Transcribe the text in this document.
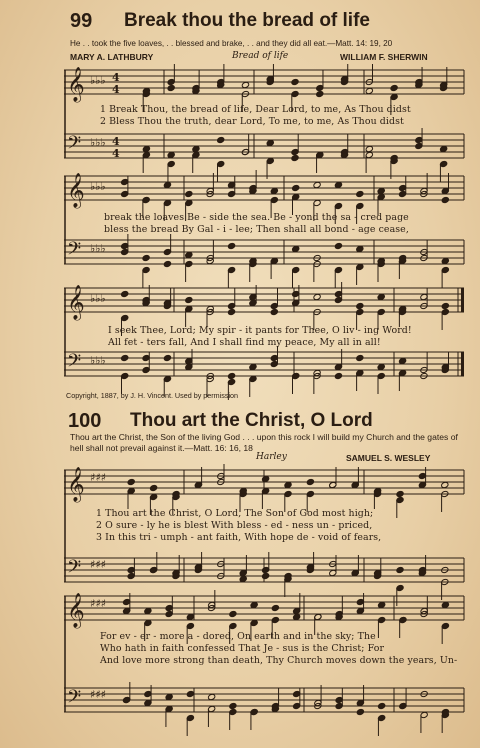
99 Break thou the bread of life
He . . took the five loaves, . . blessed and brake, . . and they did all eat.—Matt. 14: 19, 20
MARY A. LATHBURY	Bread of life	WILLIAM F. SHERWIN
𝄞
𝄢
♭♭♭
♭♭♭
4
4
4
4
1 Break Thou, the bread of life, Dear Lord, to me, As Thou didst
2 Bless Thou the truth, dear Lord, To me, to me, As Thou didst
𝄞
𝄢
♭♭♭
♭♭♭
break the loaves Be - side the sea. Be - yond the sa - cred page
bless the bread By Gal - i - lee; Then shall all bond - age cease,
𝄞
𝄢
♭♭♭
♭♭♭
I seek Thee, Lord; My spir - it pants for Thee, O liv - ing Word!
All fet - ters fall, And I shall find my peace, My all in all!
Copyright, 1887, by J. H. Vincent. Used by permission
100 Thou art the Christ, O Lord
Thou art the Christ, the Son of the living God . . . upon this rock I will build my Church and the gates of hell shall not prevail against it.—Matt. 16: 16, 18
Harley	SAMUEL S. WESLEY
𝄞
𝄢
♯♯♯
♯♯♯
1 Thou art the Christ, O Lord, The Son of God most high;
2 O sure - ly he is blest With bless - ed - ness un - priced,
3 In this tri - umph - ant faith, With hope de - void of fears,
𝄞
𝄢
♯♯♯
♯♯♯
For ev - er - more a - dored, On earth and in the sky; The
Who hath in faith confessed That Je - sus is the Christ; For
And love more strong than death, Thy Church moves down the years, Un-
